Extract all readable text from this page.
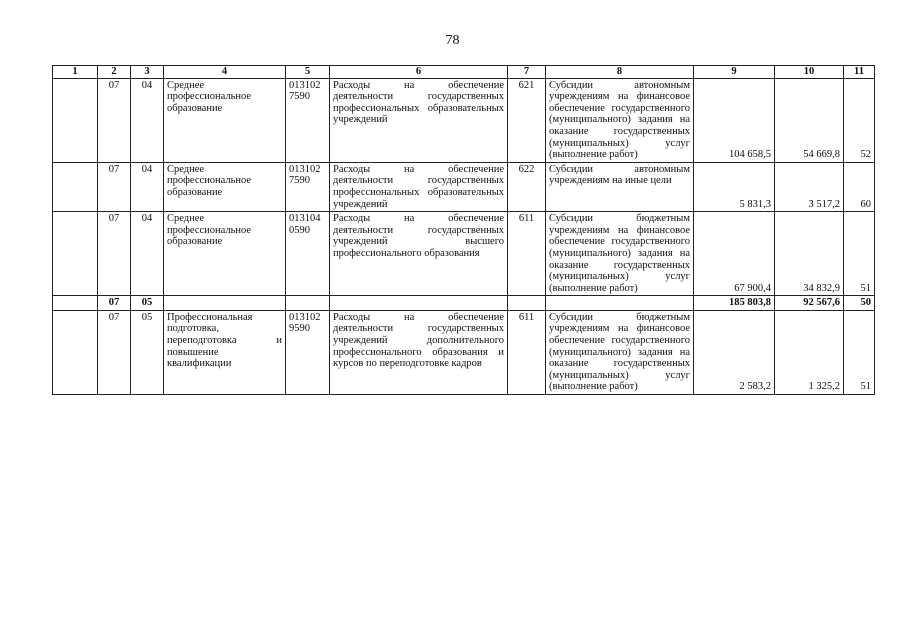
78
1	2	3	4	5	6	7	8	9	10	11
	07	04	Среднее профессиональное образование	013102 7590	Расходы на обеспечение деятельности государственных профессиональных образовательных учреждений	621	Субсидии автономным учреждениям на финансовое обеспечение государственного (муниципального) задания на оказание государственных (муниципальных) услуг (выполнение работ)	104 658,5	54 669,8	52
	07	04	Среднее профессиональное образование	013102 7590	Расходы на обеспечение деятельности государственных профессиональных образовательных учреждений	622	Субсидии автономным учреждениям на иные цели	5 831,3	3 517,2	60
	07	04	Среднее профессиональное образование	013104 0590	Расходы на обеспечение деятельности государственных учреждений высшего профессионального образования	611	Субсидии бюджетным учреждениям на финансовое обеспечение государственного (муниципального) задания на оказание государственных (муниципальных) услуг (выполнение работ)	67 900,4	34 832,9	51
	07	05						185 803,8	92 567,6	50
	07	05	Профессиональная подготовка, переподготовка и повышение квалификации	013102 9590	Расходы на обеспечение деятельности государственных учреждений дополнительного профессионального образования и курсов по переподготовке кадров	611	Субсидии бюджетным учреждениям на финансовое обеспечение государственного (муниципального) задания на оказание государственных (муниципальных) услуг (выполнение работ)	2 583,2	1 325,2	51
